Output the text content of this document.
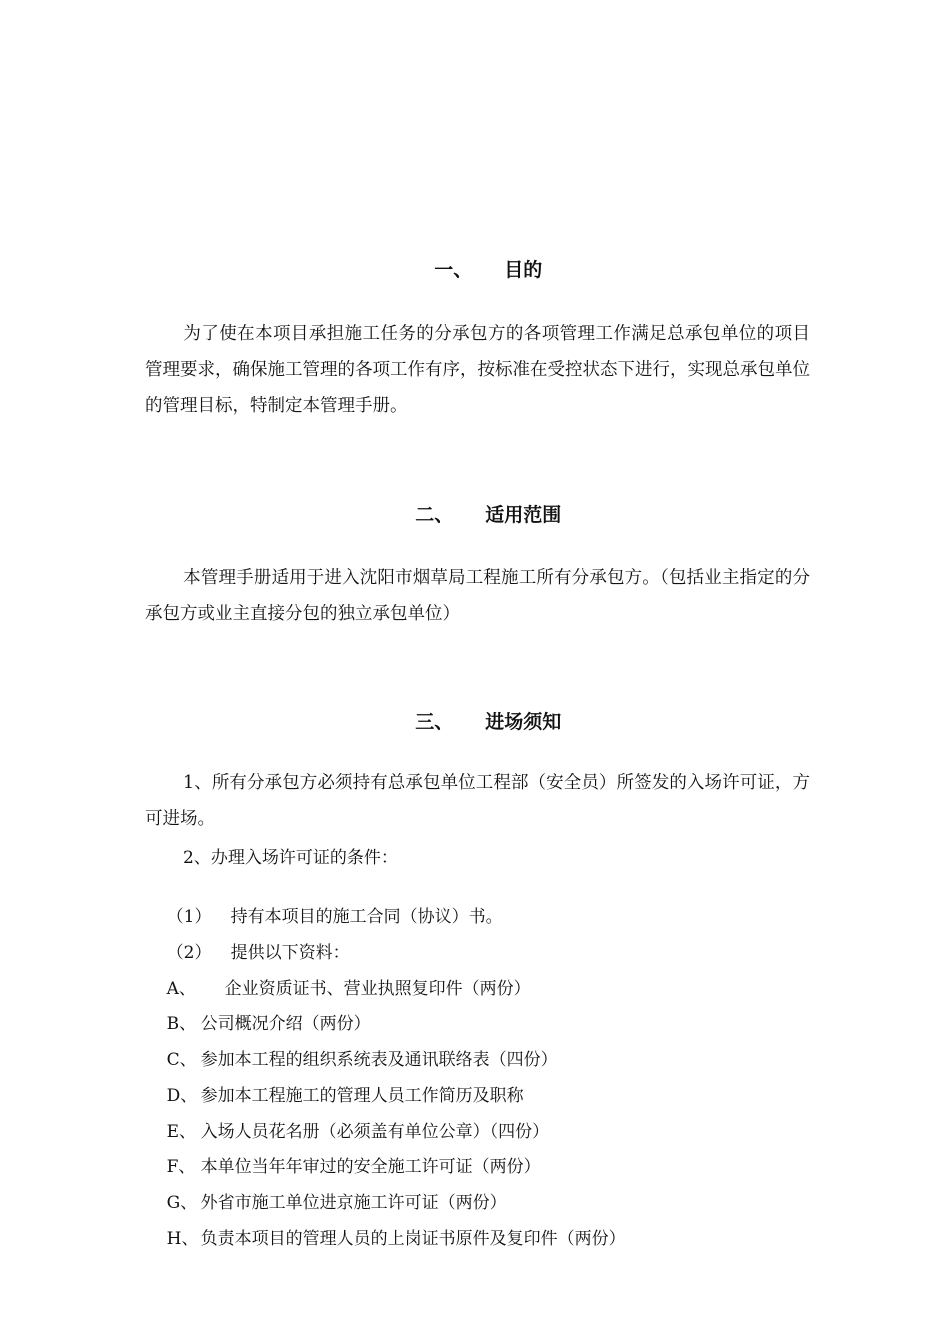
一、 目的

为了使在本项目承担施工任务的分承包方的各项管理工作满足总承包单位的项目管理要求，确保施工管理的各项工作有序，按标准在受控状态下进行，实现总承包单位的管理目标，特制定本管理手册。

二、 适用范围

本管理手册适用于进入沈阳市烟草局工程施工所有分承包方。（包括业主指定的分承包方或业主直接分包的独立承包单位）

三、 进场须知

1、所有分承包方必须持有总承包单位工程部（安全员）所签发的入场许可证，方可进场。
2、办理入场许可证的条件：

（1） 持有本项目的施工合同（协议）书。

（2） 提供以下资料：

A、 企业资质证书、营业执照复印件（两份）

B、 公司概况介绍（两份）

C、 参加本工程的组织系统表及通讯联络表（四份）

D、 参加本工程施工的管理人员工作简历及职称

E、 入场人员花名册（必须盖有单位公章）（四份）

F、 本单位当年年审过的安全施工许可证（两份）

G、 外省市施工单位进京施工许可证（两份）

H、 负责本项目的管理人员的上岗证书原件及复印件（两份）
